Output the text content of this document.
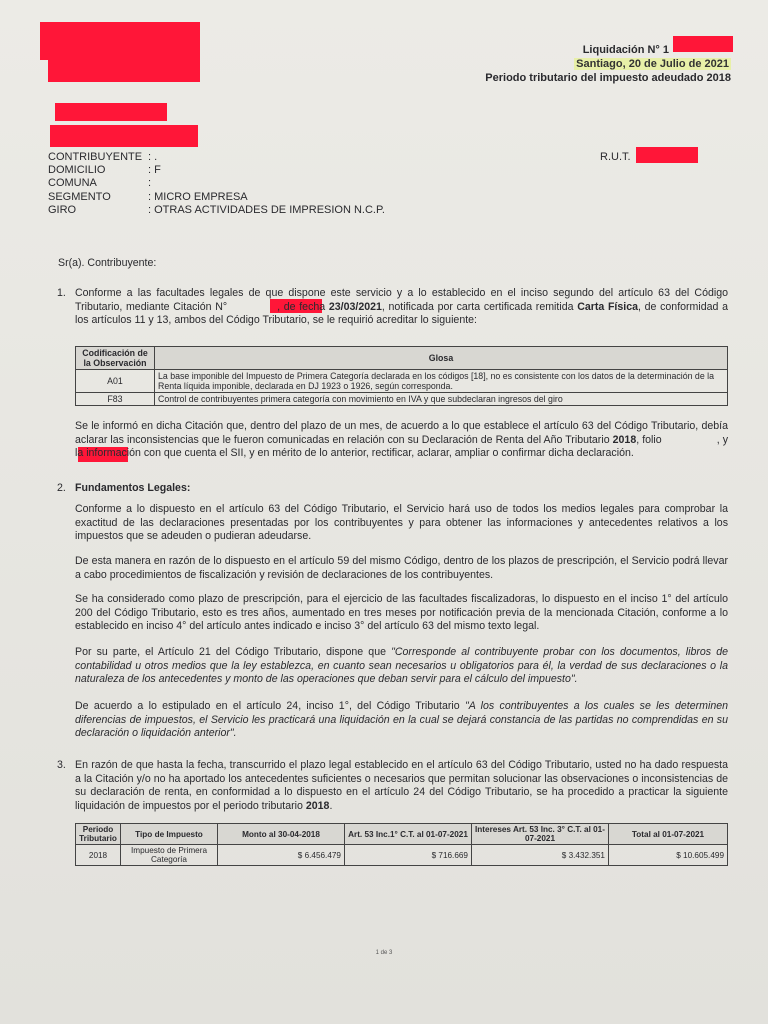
Liquidación N° 1
Santiago, 20 de Julio de 2021
Periodo tributario del impuesto adeudado 2018
CONTRIBUYENTE : .
DOMICILIO	: F
COMUNA	:
SEGMENTO	: MICRO EMPRESA
GIRO	: OTRAS ACTIVIDADES DE IMPRESION N.C.P.
R.U.T.
Sr(a). Contribuyente:
1. Conforme a las facultades legales de que dispone este servicio y a lo establecido en el inciso segundo del artículo 63 del Código Tributario, mediante Citación N°	, de fecha 23/03/2021, notificada por carta certificada remitida Carta Física, de conformidad a los artículos 11 y 13, ambos del Código Tributario, se le requirió acreditar lo siguiente:
Codificación de la Observación	Glosa
A01	La base imponible del Impuesto de Primera Categoría declarada en los códigos [18], no es consistente con los datos de la determinación de la Renta líquida imponible, declarada en DJ 1923 o 1926, según corresponda.
F83	Control de contribuyentes primera categoría con movimiento en IVA y que subdeclaran ingresos del giro
Se le informó en dicha Citación que, dentro del plazo de un mes, de acuerdo a lo que establece el artículo 63 del Código Tributario, debía aclarar las inconsistencias que le fueron comunicadas en relación con su Declaración de Renta del Año Tributario 2018, folio	, y la información con que cuenta el SII, y en mérito de lo anterior, rectificar, aclarar, ampliar o confirmar dicha declaración.
2. Fundamentos Legales:
Conforme a lo dispuesto en el artículo 63 del Código Tributario, el Servicio hará uso de todos los medios legales para comprobar la exactitud de las declaraciones presentadas por los contribuyentes y para obtener las informaciones y antecedentes relativos a los impuestos que se adeuden o pudieran adeudarse.
De esta manera en razón de lo dispuesto en el artículo 59 del mismo Código, dentro de los plazos de prescripción, el Servicio podrá llevar a cabo procedimientos de fiscalización y revisión de declaraciones de los contribuyentes.
Se ha considerado como plazo de prescripción, para el ejercicio de las facultades fiscalizadoras, lo dispuesto en el inciso 1° del artículo 200 del Código Tributario, esto es tres años, aumentado en tres meses por notificación previa de la mencionada Citación, conforme a lo establecido en inciso 4° del artículo antes indicado e inciso 3° del artículo 63 del mismo texto legal.
Por su parte, el Artículo 21 del Código Tributario, dispone que "Corresponde al contribuyente probar con los documentos, libros de contabilidad u otros medios que la ley establezca, en cuanto sean necesarios u obligatorios para él, la verdad de sus declaraciones o la naturaleza de los antecedentes y monto de las operaciones que deban servir para el cálculo del impuesto".
De acuerdo a lo estipulado en el artículo 24, inciso 1°, del Código Tributario "A los contribuyentes a los cuales se les determinen diferencias de impuestos, el Servicio les practicará una liquidación en la cual se dejará constancia de las partidas no comprendidas en su declaración o liquidación anterior".
3. En razón de que hasta la fecha, transcurrido el plazo legal establecido en el artículo 63 del Código Tributario, usted no ha dado respuesta a la Citación y/o no ha aportado los antecedentes suficientes o necesarios que permitan solucionar las observaciones o inconsistencias de su declaración de renta, en conformidad a lo dispuesto en el artículo 24 del Código Tributario, se ha procedido a practicar la siguiente liquidación de impuestos por el periodo tributario 2018.
Periodo Tributario	Tipo de Impuesto	Monto al 30-04-2018	Art. 53 Inc.1° C.T. al 01-07-2021	Intereses Art. 53 Inc. 3° C.T. al 01-07-2021	Total al 01-07-2021
2018	Impuesto de Primera Categoría	$ 6.456.479	$ 716.669	$ 3.432.351	$ 10.605.499
1 de 3
